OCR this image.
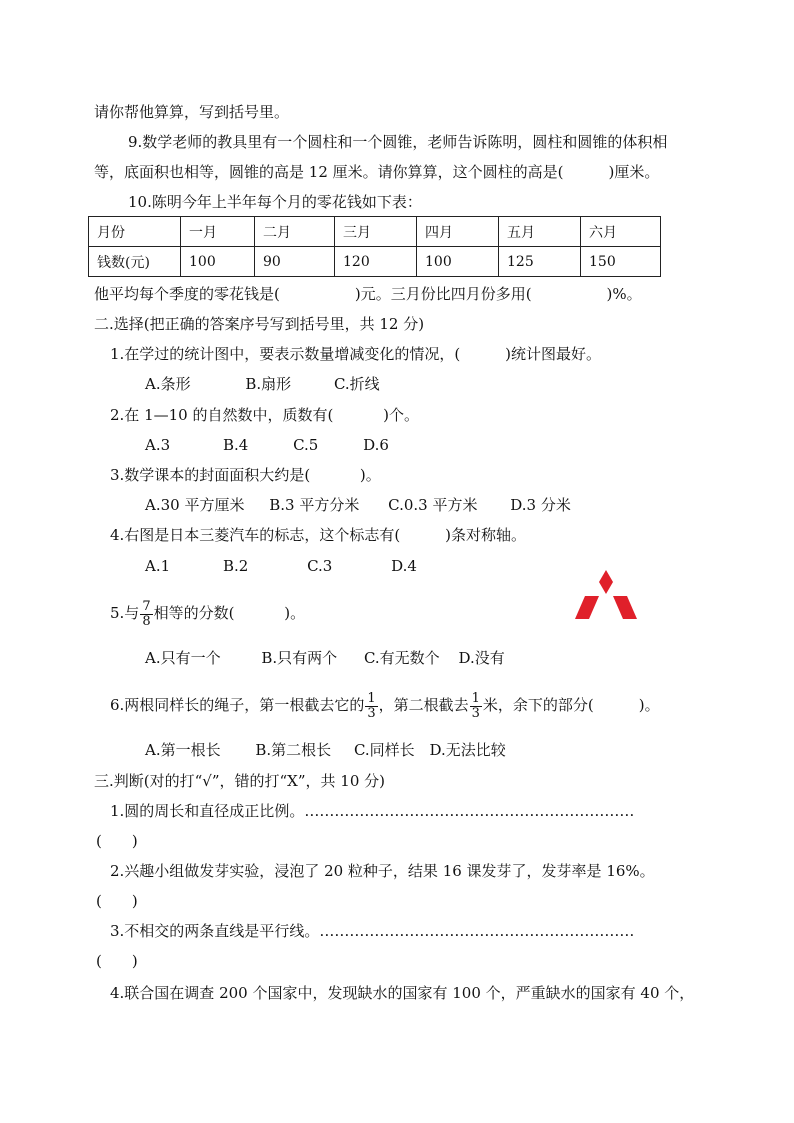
请你帮他算算，写到括号里。
9.数学老师的教具里有一个圆柱和一个圆锥，老师告诉陈明，圆柱和圆锥的体积相
等，底面积也相等，圆锥的高是 12 厘米。请你算算，这个圆柱的高是(　　　)厘米。
10.陈明今年上半年每个月的零花钱如下表：
月份	一月	二月	三月	四月	五月	六月
钱数(元)	100	90	120	100	125	150
他平均每个季度的零花钱是(　　　　　)元。三月份比四月份多用(　　　　　)%。
二.选择(把正确的答案序号写到括号里，共 12 分)
1.在学过的统计图中，要表示数量增减变化的情况，(　　　)统计图最好。
A.条形	B.扇形	C.折线
2.在 1—10 的自然数中，质数有(　　　 )个。
A.3	B.4	C.5	D.6
3.数学课本的封面面积大约是(　　　 )。
A.30 平方厘米 B.3 平方分米 C.0.3 平方米 D.3 分米
4.右图是日本三菱汽车的标志，这个标志有(　　　)条对称轴。
A.1	B.2	C.3	D.4
5.与 $\frac{7}{8}$ 相等的分数(　　　 )。
A.只有一个	B.只有两个 C.有无数个 D.没有
6.两根同样长的绳子，第一根截去它的 $\frac{1}{3}$ ，第二根截去 $\frac{1}{3}$ 米，余下的部分(　　　)。
A.第一根长 B.第二根长 C.同样长 D.无法比较
三.判断(对的打“√”，错的打“X”，共 10 分)
1.圆的周长和直径成正比例。…………………………………………………………
(　　)
2.兴趣小组做发芽实验，浸泡了 20 粒种子，结果 16 课发芽了，发芽率是 16%。
(　　)
3.不相交的两条直线是平行线。………………………………………………………
(　　)
4.联合国在调查 200 个国家中，发现缺水的国家有 100 个，严重缺水的国家有 40 个，
